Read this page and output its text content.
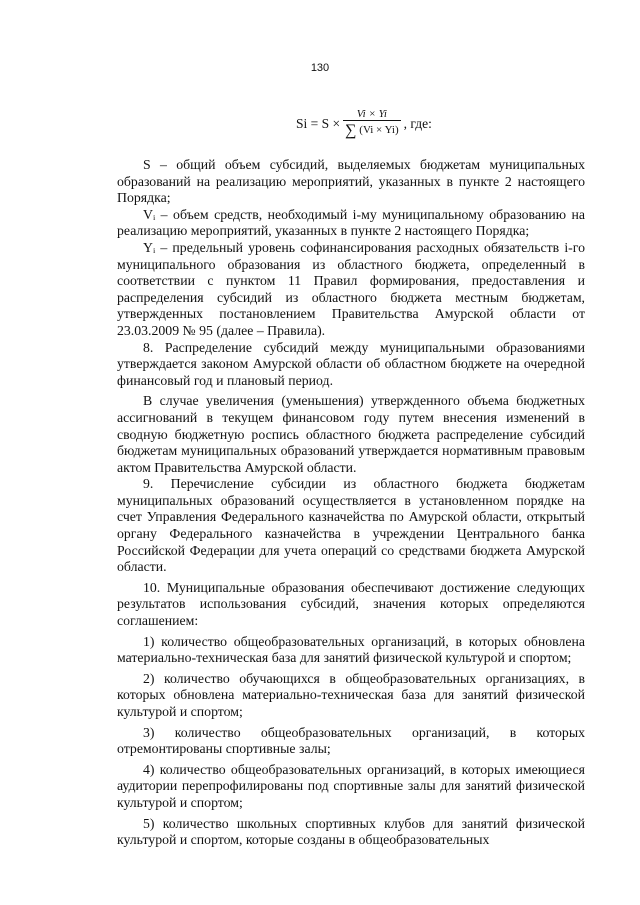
130
$Si = S \times \frac{Vi \times Yi}{\sum (Vi \times Yi)}$ , где:

S – общий объем субсидий, выделяемых бюджетам муниципальных образований на реализацию мероприятий, указанных в пункте 2 настоящего Порядка;

Vᵢ – объем средств, необходимый i-му муниципальному образованию на реализацию мероприятий, указанных в пункте 2 настоящего Порядка;

Yᵢ – предельный уровень софинансирования расходных обязательств i-го муниципального образования из областного бюджета, определенный в соответствии с пунктом 11 Правил формирования, предоставления и распределения субсидий из областного бюджета местным бюджетам, утвержденных постановлением Правительства Амурской области от 23.03.2009 № 95 (далее – Правила).

8. Распределение субсидий между муниципальными образованиями утверждается законом Амурской области об областном бюджете на очередной финансовый год и плановый период.

В случае увеличения (уменьшения) утвержденного объема бюджетных ассигнований в текущем финансовом году путем внесения изменений в сводную бюджетную роспись областного бюджета распределение субсидий бюджетам муниципальных образований утверждается нормативным правовым актом Правительства Амурской области.

9. Перечисление субсидии из областного бюджета бюджетам муниципальных образований осуществляется в установленном порядке на счет Управления Федерального казначейства по Амурской области, открытый органу Федерального казначейства в учреждении Центрального банка Российской Федерации для учета операций со средствами бюджета Амурской области.

10. Муниципальные образования обеспечивают достижение следующих результатов использования субсидий, значения которых определяются соглашением:

1) количество общеобразовательных организаций, в которых обновлена материально-техническая база для занятий физической культурой и спортом;

2) количество обучающихся в общеобразовательных организациях, в которых обновлена материально-техническая база для занятий физической культурой и спортом;

3) количество общеобразовательных организаций, в которых отремонтированы спортивные залы;

4) количество общеобразовательных организаций, в которых имеющиеся аудитории перепрофилированы под спортивные залы для занятий физической культурой и спортом;

5) количество школьных спортивных клубов для занятий физической культурой и спортом, которые созданы в общеобразовательных
